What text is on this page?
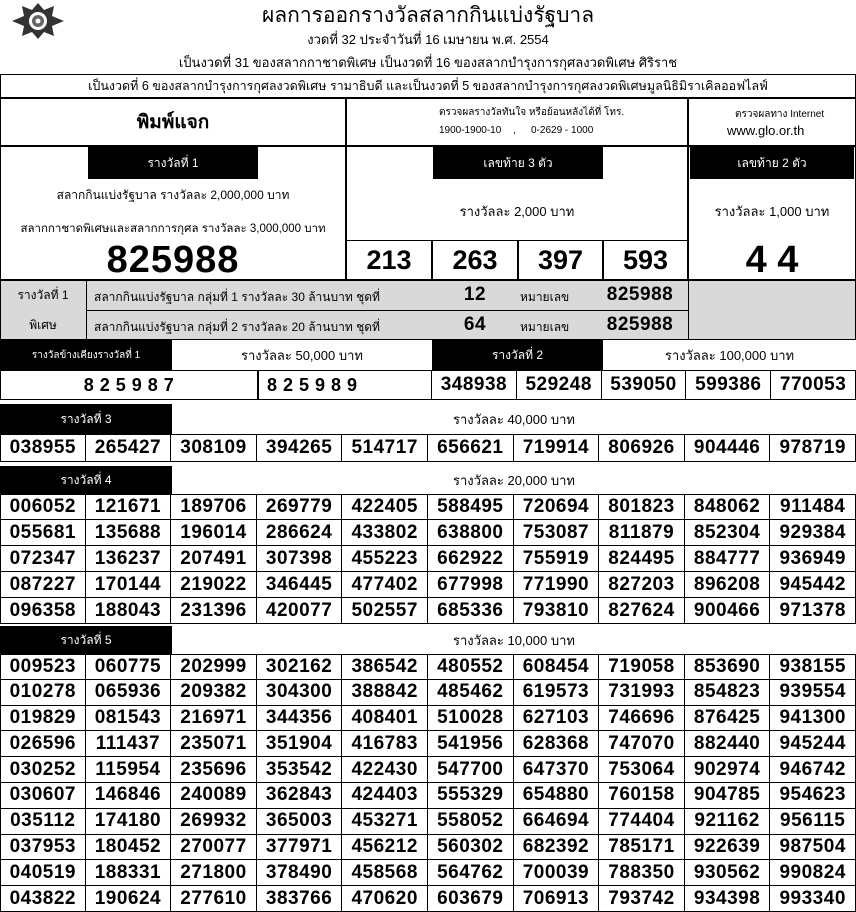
ผลการออกรางวัลสลากกินแบ่งรัฐบาล
งวดที่ 32 ประจำวันที่ 16 เมษายน พ.ศ. 2554
เป็นงวดที่ 31 ของสลากกาชาดพิเศษ เป็นงวดที่ 16 ของสลากบำรุงการกุศลงวดพิเศษ ศิริราช
เป็นงวดที่ 6 ของสลากบำรุงการกุศลงวดพิเศษ รามาธิบดี และเป็นงวดที่ 5 ของสลากบำรุงการกุศลงวดพิเศษมูลนิธิมิราเคิลออฟไลฟ์
พิมพ์แจก	ตรวจผลรางวัลทันใจ หรือย้อนหลังได้ที่ โทร.
1900-1900-10 , 0-2629 - 1000
ตรวจผลทาง Internet
www.glo.or.th
รางวัลที่ 1
สลากกินแบ่งรัฐบาล รางวัลละ 2,000,000 บาท
สลากกาชาดพิเศษและสลากการกุศล รางวัลละ 3,000,000 บาท
825988
เลขท้าย 3 ตัว
รางวัลละ 2,000 บาท
213	263	397	593
เลขท้าย 2 ตัว
รางวัลละ 1,000 บาท
4 4
รางวัลที่ 1
พิเศษ
สลากกินแบ่งรัฐบาล กลุ่มที่ 1 รางวัลละ 30 ล้านบาท ชุดที่	12	หมายเลข	825988
สลากกินแบ่งรัฐบาล กลุ่มที่ 2 รางวัลละ 20 ล้านบาท ชุดที่	64	หมายเลข	825988
รางวัลข้างเคียงรางวัลที่ 1	รางวัลละ 50,000 บาท	รางวัลที่ 2	รางวัลละ 100,000 บาท
8 2 5 9 8 7	8 2 5 9 8 9	348938 529248 539050 599386 770053
รางวัลที่ 3	รางวัลละ 40,000 บาท
038955 265427	308109	394265	514717	656621	719914	806926	904446	978719
รางวัลที่ 4	รางวัลละ 20,000 บาท
006052 121671	189706	269779	422405	588495	720694	801823	848062	911484
055681 135688	196014	286624	433802	638800	753087	811879	852304	929384
072347 136237	207491	307398	455223	662922	755919	824495	884777	936949
087227 170144	219022	346445	477402	677998	771990	827203	896208	945442
096358 188043	231396	420077	502557	685336	793810	827624	900466	971378
รางวัลที่ 5	รางวัลละ 10,000 บาท
009523 060775	202999	302162	386542	480552	608454	719058	853690	938155
010278 065936	209382	304300	388842	485462	619573	731993	854823	939554
019829 081543	216971	344356	408401	510028	627103	746696	876425	941300
026596	111437	235071	351904	416783	541956	628368	747070	882440	945244
030252	115954	235696	353542	422430	547700	647370	753064	902974	946742
030607 146846	240089	362843	424403	555329	654880	760158	904785	954623
035112	174180	269932	365003	453271	558052	664694	774404	921162	956115
037953 180452	270077	377971	456212	560302	682392	785171	922639	987504
040519 188331	271800	378490	458568	564762	700039	788350	930562	990824
043822 190624	277610	383766	470620	603679	706913	793742	934398	993340
